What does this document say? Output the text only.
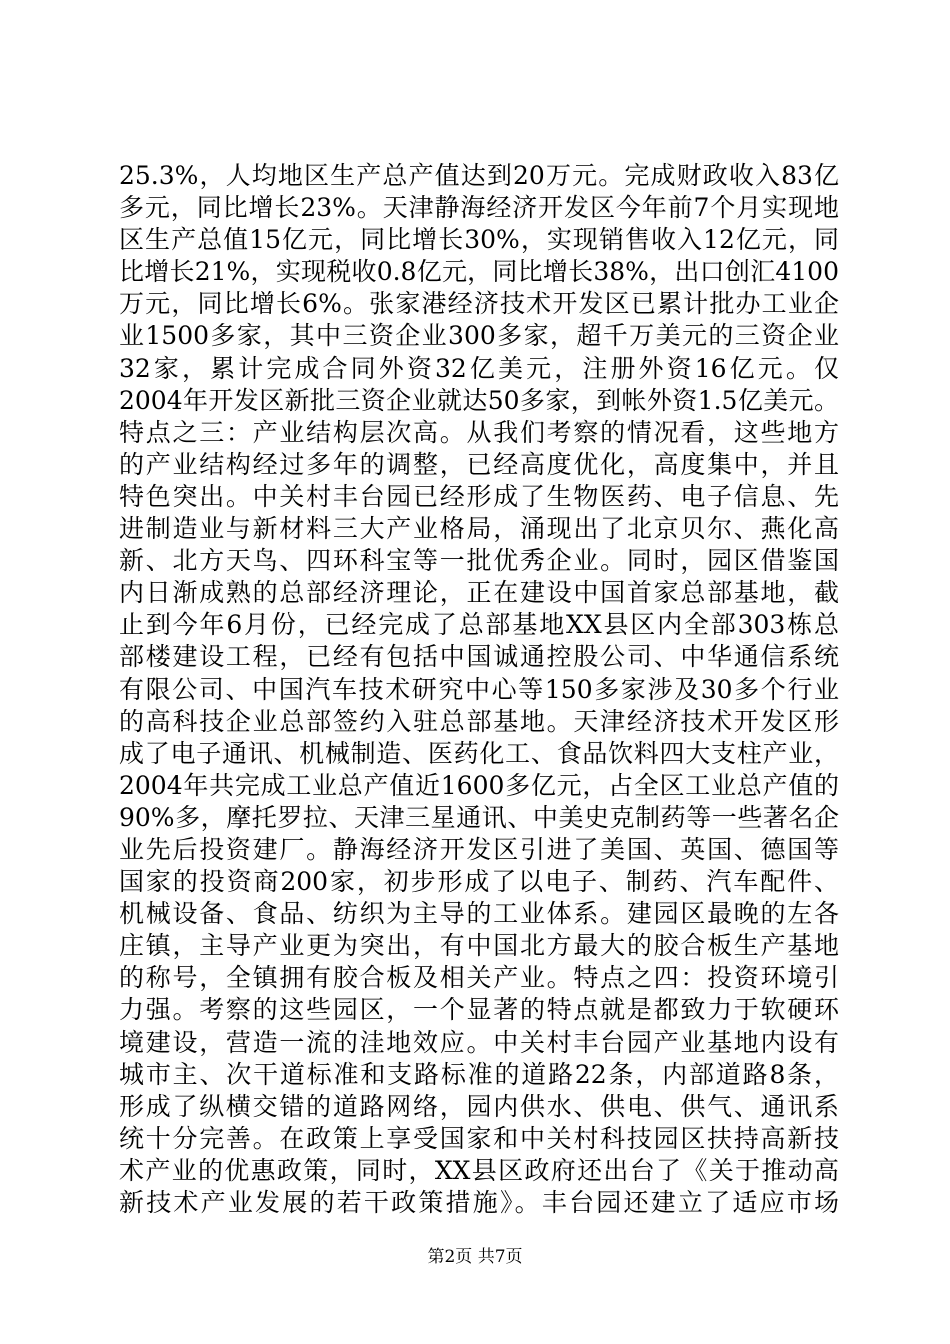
25.3%，人均地区生产总产值达到20万元。完成财政收入83亿
多元，同比增长23%。天津静海经济开发区今年前7个月实现地
区生产总值15亿元，同比增长30%，实现销售收入12亿元，同
比增长21%，实现税收0.8亿元，同比增长38%，出口创汇4100
万元，同比增长6%。张家港经济技术开发区已累计批办工业企
业1500多家，其中三资企业300多家，超千万美元的三资企业
32家，累计完成合同外资32亿美元，注册外资16亿元。仅
2004年开发区新批三资企业就达50多家，到帐外资1.5亿美元。
特点之三：产业结构层次高。从我们考察的情况看，这些地方
的产业结构经过多年的调整，已经高度优化，高度集中，并且
特色突出。中关村丰台园已经形成了生物医药、电子信息、先
进制造业与新材料三大产业格局，涌现出了北京贝尔、燕化高
新、北方天鸟、四环科宝等一批优秀企业。同时，园区借鉴国
内日渐成熟的总部经济理论，正在建设中国首家总部基地，截
止到今年6月份，已经完成了总部基地XX县区内全部303栋总
部楼建设工程，已经有包括中国诚通控股公司、中华通信系统
有限公司、中国汽车技术研究中心等150多家涉及30多个行业
的高科技企业总部签约入驻总部基地。天津经济技术开发区形
成了电子通讯、机械制造、医药化工、食品饮料四大支柱产业，
2004年共完成工业总产值近1600多亿元，占全区工业总产值的
90%多，摩托罗拉、天津三星通讯、中美史克制药等一些著名企
业先后投资建厂。静海经济开发区引进了美国、英国、德国等
国家的投资商200家，初步形成了以电子、制药、汽车配件、
机械设备、食品、纺织为主导的工业体系。建园区最晚的左各
庄镇，主导产业更为突出，有中国北方最大的胶合板生产基地
的称号，全镇拥有胶合板及相关产业。特点之四：投资环境引
力强。考察的这些园区，一个显著的特点就是都致力于软硬环
境建设，营造一流的洼地效应。中关村丰台园产业基地内设有
城市主、次干道标准和支路标准的道路22条，内部道路8条，
形成了纵横交错的道路网络，园内供水、供电、供气、通讯系
统十分完善。在政策上享受国家和中关村科技园区扶持高新技
术产业的优惠政策，同时，XX县区政府还出台了《关于推动高
新技术产业发展的若干政策措施》。丰台园还建立了适应市场
第2页 共7页
